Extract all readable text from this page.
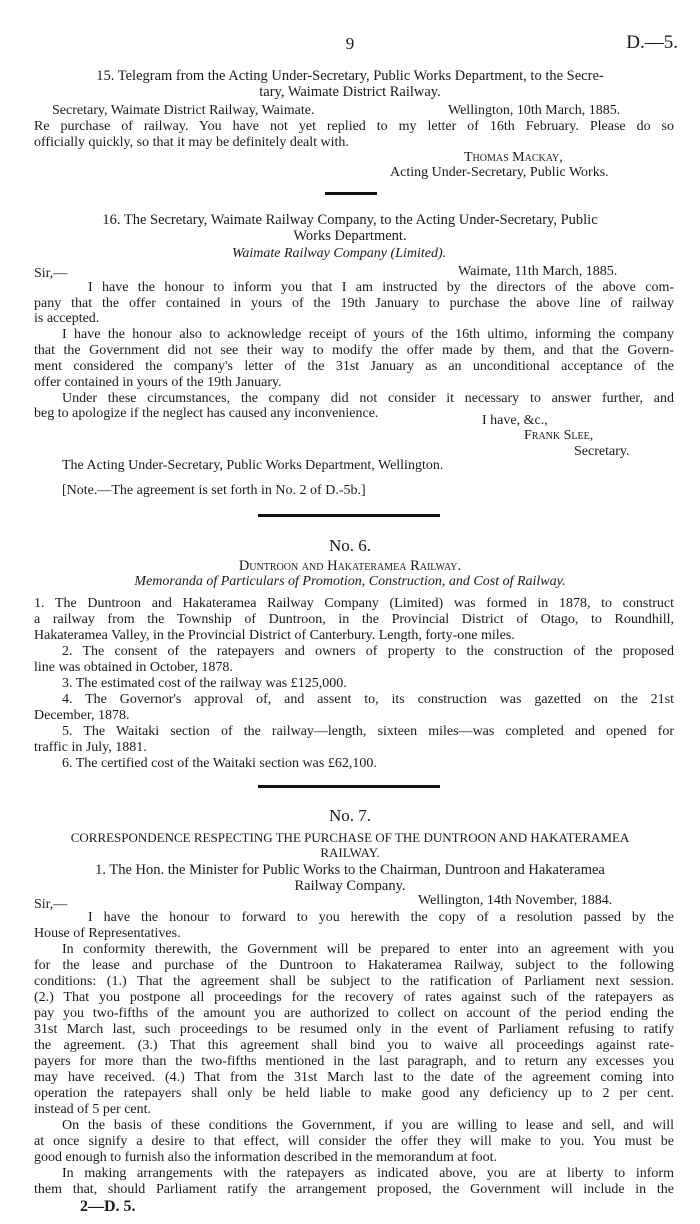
9	D.—5.
15. Telegram from the Acting Under-Secretary, Public Works Department, to the Secre-
tary, Waimate District Railway.
Secretary, Waimate District Railway, Waimate.	Wellington, 10th March, 1885.
Re purchase of railway. You have not yet replied to my letter of 16th February. Please do so
officially quickly, so that it may be definitely dealt with.
Thomas Mackay,
Acting Under-Secretary, Public Works.
16. The Secretary, Waimate Railway Company, to the Acting Under-Secretary, Public
Works Department.
Waimate Railway Company (Limited).
Sir,—	Waimate, 11th March, 1885.
I have the honour to inform you that I am instructed by the directors of the above com-
pany that the offer contained in yours of the 19th January to purchase the above line of railway
is accepted.
I have the honour also to acknowledge receipt of yours of the 16th ultimo, informing the company
that the Government did not see their way to modify the offer made by them, and that the Govern-
ment considered the company's letter of the 31st January as an unconditional acceptance of the
offer contained in yours of the 19th January.
Under these circumstances, the company did not consider it necessary to answer further, and
beg to apologize if the neglect has caused any inconvenience.	I have, &c.,
Frank Slee,
Secretary.
The Acting Under-Secretary, Public Works Department, Wellington.
[Note.—The agreement is set forth in No. 2 of D.-5b.]
No. 6.
Duntroon and Hakateramea Railway.
Memoranda of Particulars of Promotion, Construction, and Cost of Railway.
1. The Duntroon and Hakateramea Railway Company (Limited) was formed in 1878, to construct
a railway from the Township of Duntroon, in the Provincial District of Otago, to Roundhill,
Hakateramea Valley, in the Provincial District of Canterbury. Length, forty-one miles.
2. The consent of the ratepayers and owners of property to the construction of the proposed
line was obtained in October, 1878.
3. The estimated cost of the railway was £125,000.
4. The Governor's approval of, and assent to, its construction was gazetted on the 21st
December, 1878.
5. The Waitaki section of the railway—length, sixteen miles—was completed and opened for
traffic in July, 1881.
6. The certified cost of the Waitaki section was £62,100.
No. 7.
CORRESPONDENCE RESPECTING THE PURCHASE OF THE DUNTROON AND HAKATERAMEA
RAILWAY.
1. The Hon. the Minister for Public Works to the Chairman, Duntroon and Hakateramea
Railway Company.
Sir,—	Wellington, 14th November, 1884.
I have the honour to forward to you herewith the copy of a resolution passed by the
House of Representatives.
In conformity therewith, the Government will be prepared to enter into an agreement with you
for the lease and purchase of the Duntroon to Hakateramea Railway, subject to the following
conditions: (1.) That the agreement shall be subject to the ratification of Parliament next session.
(2.) That you postpone all proceedings for the recovery of rates against such of the ratepayers as
pay you two-fifths of the amount you are authorized to collect on account of the period ending the
31st March last, such proceedings to be resumed only in the event of Parliament refusing to ratify
the agreement. (3.) That this agreement shall bind you to waive all proceedings against rate-
payers for more than the two-fifths mentioned in the last paragraph, and to return any excesses you
may have received. (4.) That from the 31st March last to the date of the agreement coming into
operation the ratepayers shall only be held liable to make good any deficiency up to 2 per cent.
instead of 5 per cent.
On the basis of these conditions the Government, if you are willing to lease and sell, and will
at once signify a desire to that effect, will consider the offer they will make to you. You must be
good enough to furnish also the information described in the memorandum at foot.
In making arrangements with the ratepayers as indicated above, you are at liberty to inform
them that, should Parliament ratify the arrangement proposed, the Government will include in the
2—D. 5.
